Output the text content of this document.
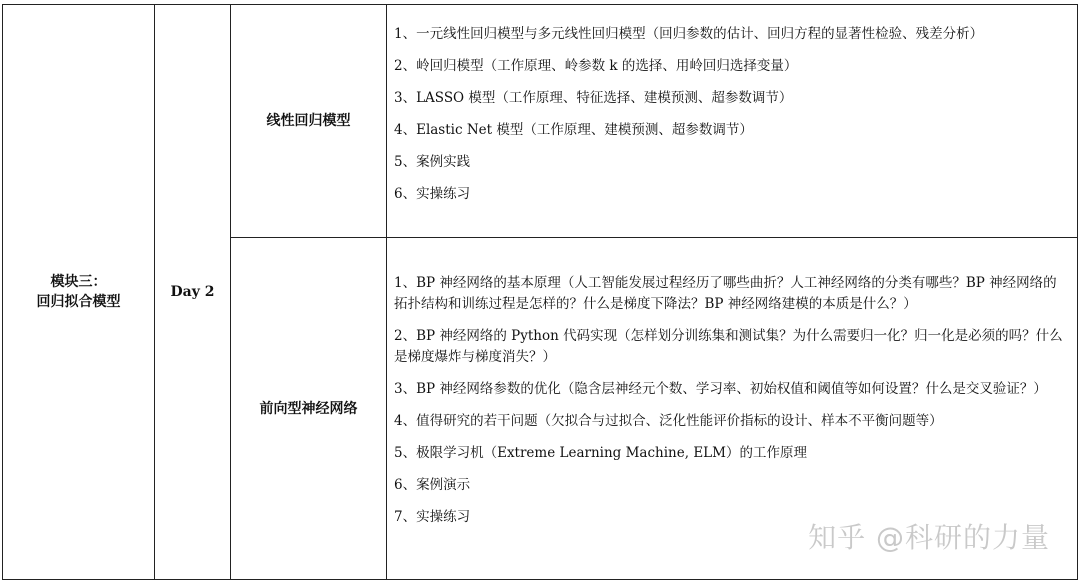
模块三：
回归拟合模型
Day 2
线性回归模型
前向型神经网络

1、一元线性回归模型与多元线性回归模型（回归参数的估计、回归方程的显著性检验、残差分析）

2、岭回归模型（工作原理、岭参数 k 的选择、用岭回归选择变量）

3、LASSO 模型（工作原理、特征选择、建模预测、超参数调节）

4、Elastic Net 模型（工作原理、建模预测、超参数调节）

5、案例实践

6、实操练习

1、BP 神经网络的基本原理（人工智能发展过程经历了哪些曲折？人工神经网络的分类有哪些？BP 神经网络的拓扑结构和训练过程是怎样的？什么是梯度下降法？BP 神经网络建模的本质是什么？）

2、BP 神经网络的 Python 代码实现（怎样划分训练集和测试集？为什么需要归一化？归一化是必须的吗？什么是梯度爆炸与梯度消失？）

3、BP 神经网络参数的优化（隐含层神经元个数、学习率、初始权值和阈值等如何设置？什么是交叉验证？）

4、值得研究的若干问题（欠拟合与过拟合、泛化性能评价指标的设计、样本不平衡问题等）

5、极限学习机（Extreme Learning Machine, ELM）的工作原理

6、案例演示

7、实操练习

知乎 @科研的力量
